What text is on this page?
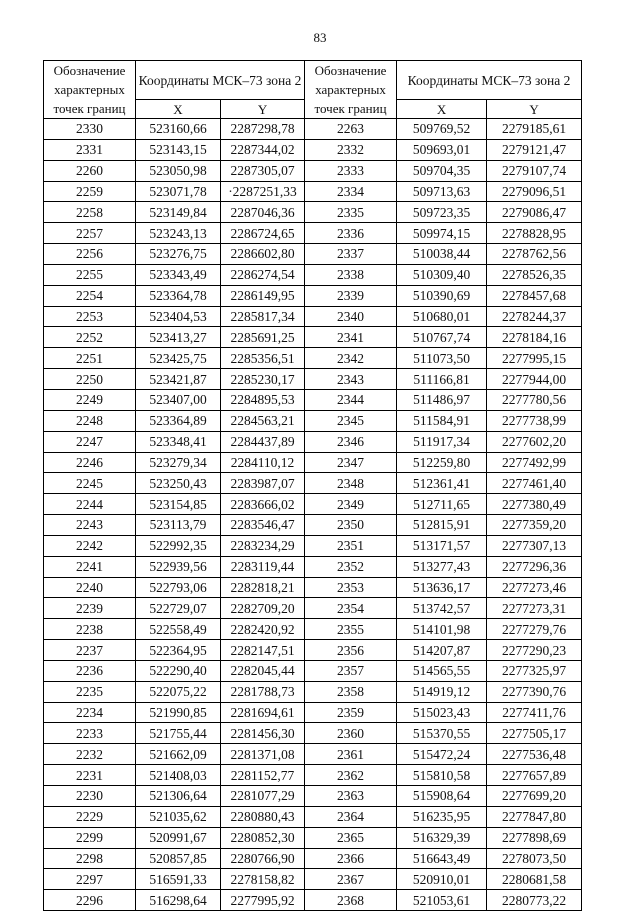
83
Обозначение характерных точек границ	Координаты МСК–73 зона 2		Обозначение характерных точек границ	Координаты МСК–73 зона 2	
	X	Y		X	Y
2330	523160,66	2287298,78	2263	509769,52	2279185,61
2331	523143,15	2287344,02	2332	509693,01	2279121,47
2260	523050,98	2287305,07	2333	509704,35	2279107,74
2259	523071,78	·2287251,33	2334	509713,63	2279096,51
2258	523149,84	2287046,36	2335	509723,35	2279086,47
2257	523243,13	2286724,65	2336	509974,15	2278828,95
2256	523276,75	2286602,80	2337	510038,44	2278762,56
2255	523343,49	2286274,54	2338	510309,40	2278526,35
2254	523364,78	2286149,95	2339	510390,69	2278457,68
2253	523404,53	2285817,34	2340	510680,01	2278244,37
2252	523413,27	2285691,25	2341	510767,74	2278184,16
2251	523425,75	2285356,51	2342	511073,50	2277995,15
2250	523421,87	2285230,17	2343	511166,81	2277944,00
2249	523407,00	2284895,53	2344	511486,97	2277780,56
2248	523364,89	2284563,21	2345	511584,91	2277738,99
2247	523348,41	2284437,89	2346	511917,34	2277602,20
2246	523279,34	2284110,12	2347	512259,80	2277492,99
2245	523250,43	2283987,07	2348	512361,41	2277461,40
2244	523154,85	2283666,02	2349	512711,65	2277380,49
2243	523113,79	2283546,47	2350	512815,91	2277359,20
2242	522992,35	2283234,29	2351	513171,57	2277307,13
2241	522939,56	2283119,44	2352	513277,43	2277296,36
2240	522793,06	2282818,21	2353	513636,17	2277273,46
2239	522729,07	2282709,20	2354	513742,57	2277273,31
2238	522558,49	2282420,92	2355	514101,98	2277279,76
2237	522364,95	2282147,51	2356	514207,87	2277290,23
2236	522290,40	2282045,44	2357	514565,55	2277325,97
2235	522075,22	2281788,73	2358	514919,12	2277390,76
2234	521990,85	2281694,61	2359	515023,43	2277411,76
2233	521755,44	2281456,30	2360	515370,55	2277505,17
2232	521662,09	2281371,08	2361	515472,24	2277536,48
2231	521408,03	2281152,77	2362	515810,58	2277657,89
2230	521306,64	2281077,29	2363	515908,64	2277699,20
2229	521035,62	2280880,43	2364	516235,95	2277847,80
2299	520991,67	2280852,30	2365	516329,39	2277898,69
2298	520857,85	2280766,90	2366	516643,49	2278073,50
2297	516591,33	2278158,82	2367	520910,01	2280681,58
2296	516298,64	2277995,92	2368	521053,61	2280773,22
